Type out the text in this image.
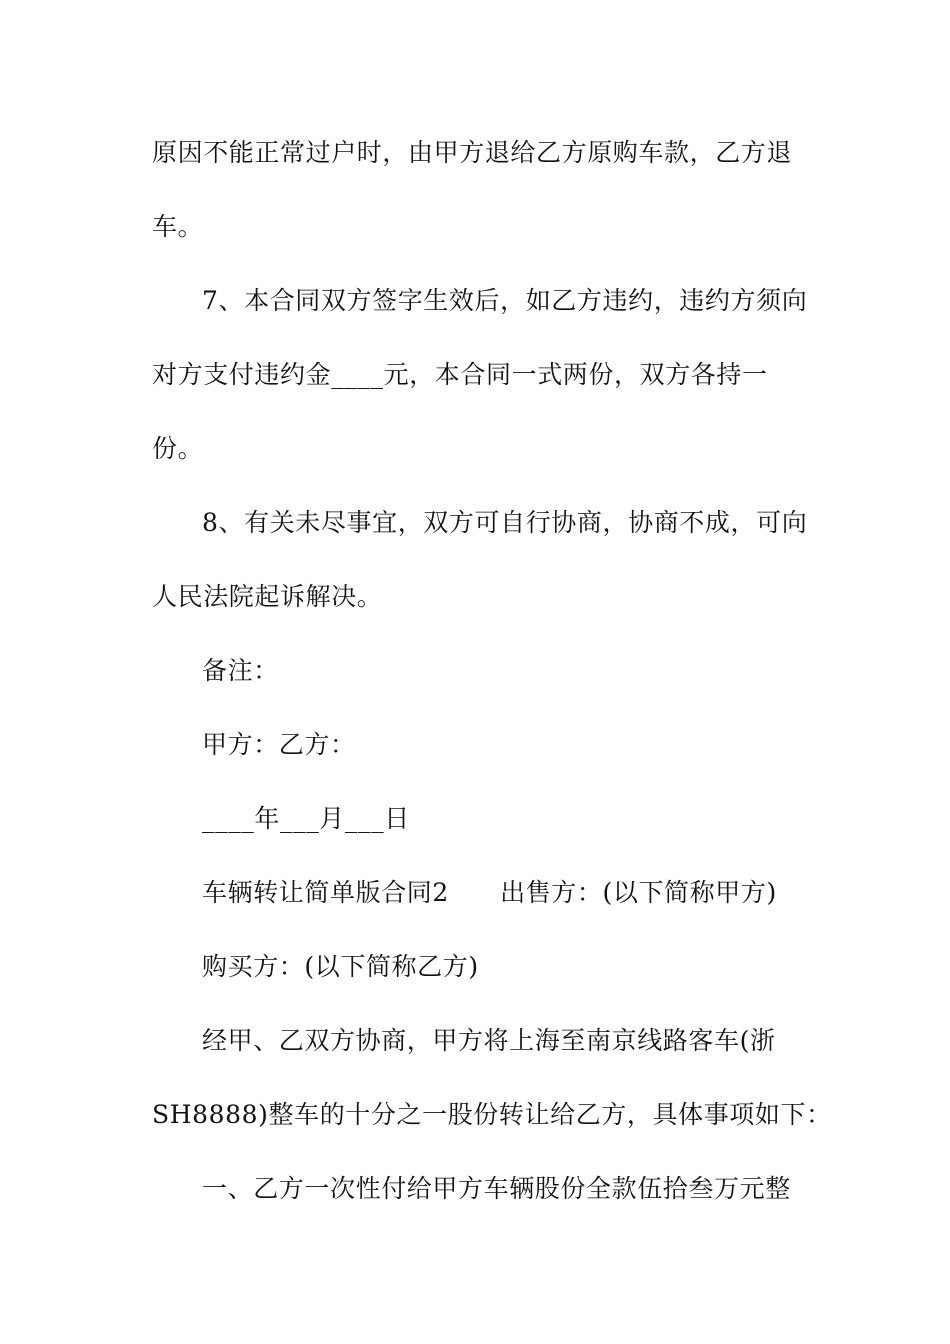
原因不能正常过户时，由甲方退给乙方原购车款，乙方退
车。
7、本合同双方签字生效后，如乙方违约，违约方须向
对方支付违约金____元，本合同一式两份，双方各持一
份。
8、有关未尽事宜，双方可自行协商，协商不成，可向
人民法院起诉解决。
备注：
甲方：乙方：
____年___月___日
车辆转让简单版合同2　　出售方：(以下简称甲方)
购买方：(以下简称乙方)
经甲、乙双方协商，甲方将上海至南京线路客车(浙
SH8888)整车的十分之一股份转让给乙方，具体事项如下：
一、乙方一次性付给甲方车辆股份全款伍拾叁万元整
